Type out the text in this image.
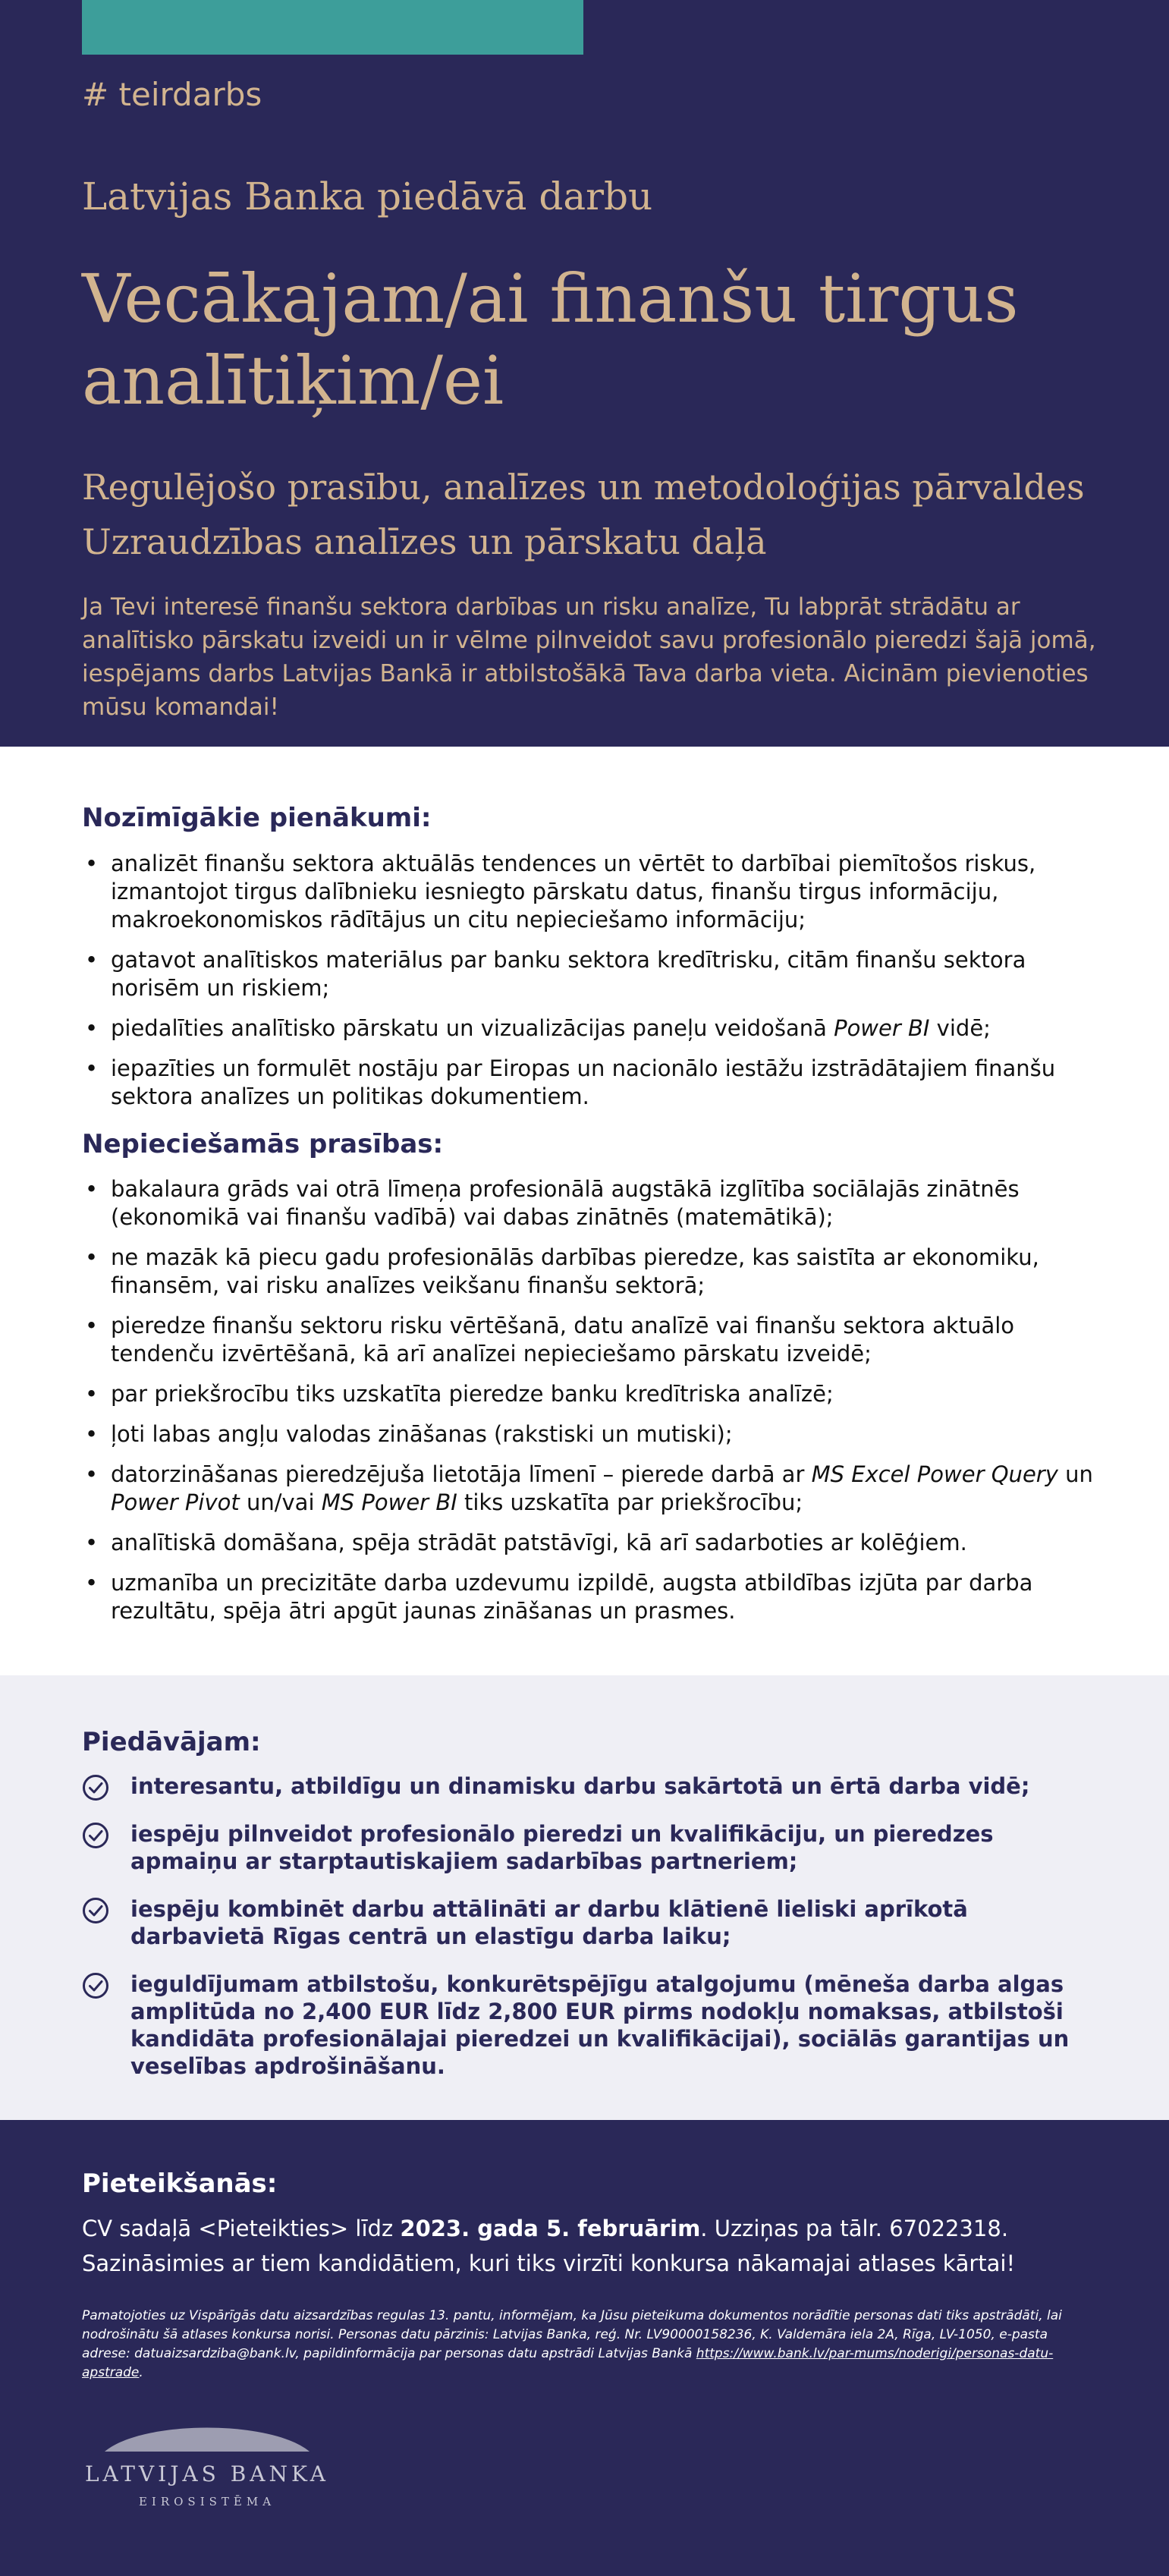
# teirdarbs
Latvijas Banka piedāvā darbu
Vecākajam/ai finanšu tirgus analītiķim/ei
Regulējošo prasību, analīzes un metodoloģijas pārvaldes
Uzraudzības analīzes un pārskatu daļā
Ja Tevi interesē finanšu sektora darbības un risku analīze, Tu labprāt strādātu ar analītisko pārskatu izveidi un ir vēlme pilnveidot savu profesionālo pieredzi šajā jomā, iespējams darbs Latvijas Bankā ir atbilstošākā Tava darba vieta. Aicinām pievienoties mūsu komandai!
Nozīmīgākie pienākumi:
• analizēt finanšu sektora aktuālās tendences un vērtēt to darbībai piemītošos riskus, izmantojot tirgus dalībnieku iesniegto pārskatu datus, finanšu tirgus informāciju, makroekonomiskos rādītājus un citu nepieciešamo informāciju;
• gatavot analītiskos materiālus par banku sektora kredītrisku, citām finanšu sektora norisēm un riskiem;
• piedalīties analītisko pārskatu un vizualizācijas paneļu veidošanā Power BI vidē;
• iepazīties un formulēt nostāju par Eiropas un nacionālo iestāžu izstrādātajiem finanšu sektora analīzes un politikas dokumentiem.
Nepieciešamās prasības:
• bakalaura grāds vai otrā līmeņa profesionālā augstākā izglītība sociālajās zinātnēs (ekonomikā vai finanšu vadībā) vai dabas zinātnēs (matemātikā);
• ne mazāk kā piecu gadu profesionālās darbības pieredze, kas saistīta ar ekonomiku, finansēm, vai risku analīzes veikšanu finanšu sektorā;
• pieredze finanšu sektoru risku vērtēšanā, datu analīzē vai finanšu sektora aktuālo tendenču izvērtēšanā, kā arī analīzei nepieciešamo pārskatu izveidē;
• par priekšrocību tiks uzskatīta pieredze banku kredītriska analīzē;
• ļoti labas angļu valodas zināšanas (rakstiski un mutiski);
• datorzināšanas pieredzējuša lietotāja līmenī – pierede darbā ar MS Excel Power Query un Power Pivot un/vai MS Power BI tiks uzskatīta par priekšrocību;
• analītiskā domāšana, spēja strādāt patstāvīgi, kā arī sadarboties ar kolēģiem.
• uzmanība un precizitāte darba uzdevumu izpildē, augsta atbildības izjūta par darba rezultātu, spēja ātri apgūt jaunas zināšanas un prasmes.
Piedāvājam:
interesantu, atbildīgu un dinamisku darbu sakārtotā un ērtā darba vidē;
iespēju pilnveidot profesionālo pieredzi un kvalifikāciju, un pieredzes apmaiņu ar starptautiskajiem sadarbības partneriem;
iespēju kombinēt darbu attālināti ar darbu klātienē lieliski aprīkotā darbavietā Rīgas centrā un elastīgu darba laiku;
ieguldījumam atbilstošu, konkurētspējīgu atalgojumu (mēneša darba algas amplitūda no 2,400 EUR līdz 2,800 EUR pirms nodokļu nomaksas, atbilstoši kandidāta profesionālajai pieredzei un kvalifikācijai), sociālās garantijas un veselības apdrošināšanu.
Pieteikšanās:
CV sadaļā <Pieteikties> līdz 2023. gada 5. februārim. Uzziņas pa tālr. 67022318.
Sazināsimies ar tiem kandidātiem, kuri tiks virzīti konkursa nākamajai atlases kārtai!
Pamatojoties uz Vispārīgās datu aizsardzības regulas 13. pantu, informējam, ka Jūsu pieteikuma dokumentos norādītie personas dati tiks apstrādāti, lai nodrošinātu šā atlases konkursa norisi. Personas datu pārzinis: Latvijas Banka, reģ. Nr. LV90000158236, K. Valdemāra iela 2A, Rīga, LV-1050, e-pasta adrese: datuaizsardziba@bank.lv, papildinformācija par personas datu apstrādi Latvijas Bankā https://www.bank.lv/par-mums/noderigi/personas-datu-apstrade.
LATVIJAS BANKA
EIROSISTĒMA
